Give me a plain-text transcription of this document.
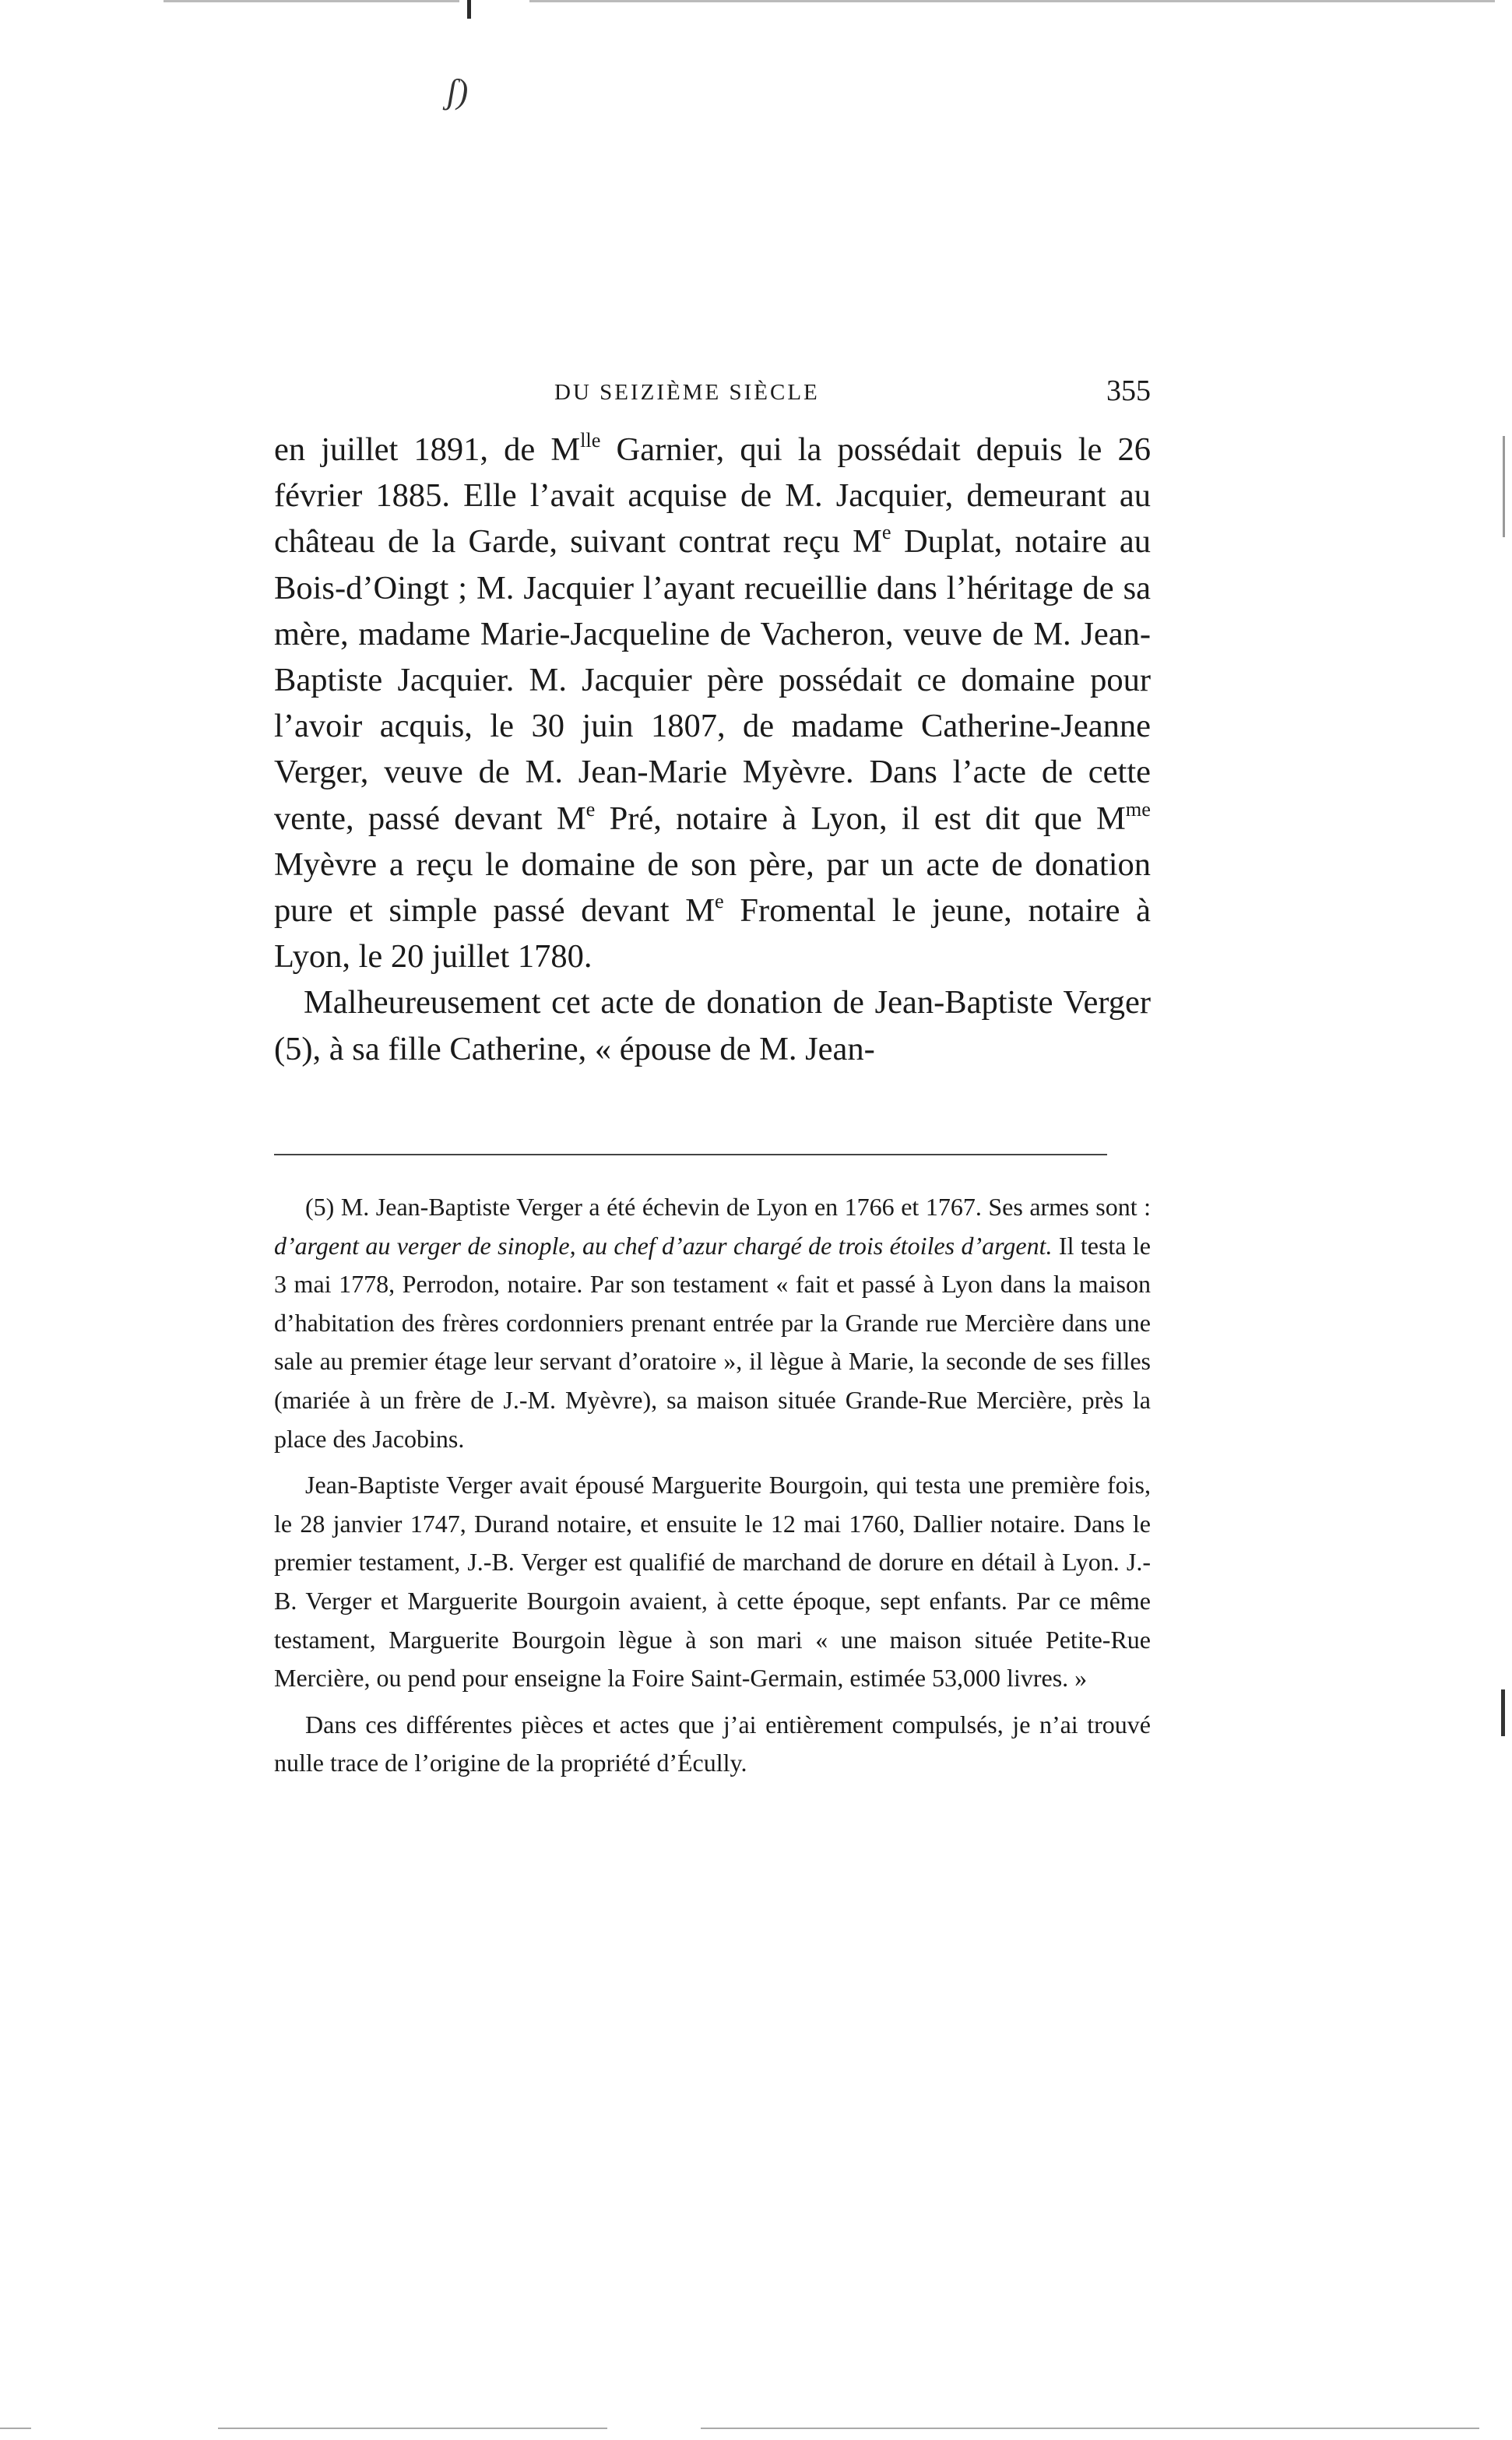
ʃ)
DU SEIZIÈME SIÈCLE	355

en juillet 1891, de $M^{lle}$ Garnier, qui la possédait depuis le 26 février 1885. Elle l’avait acquise de M. Jacquier, demeurant au château de la Garde, suivant contrat reçu Me Duplat, notaire au Bois-d’Oingt ; M. Jacquier l’ayant recueillie dans l’héritage de sa mère, madame Marie-Jacqueline de Vacheron, veuve de M. Jean-Baptiste Jacquier. M. Jacquier père possédait ce domaine pour l’avoir acquis, le 30 juin 1807, de madame Catherine-Jeanne Verger, veuve de M. Jean-Marie Myèvre. Dans l’acte de cette vente, passé devant Me Pré, notaire à Lyon, il est dit que $M^{me}$ Myèvre a reçu le domaine de son père, par un acte de donation pure et simple passé devant Me Fromental le jeune, notaire à Lyon, le 20 juillet 1780.

Malheureusement cet acte de donation de Jean-Baptiste Verger (5), à sa fille Catherine, « épouse de M. Jean-

(5) M. Jean-Baptiste Verger a été échevin de Lyon en 1766 et 1767. Ses armes sont : d’argent au verger de sinople, au chef d’azur chargé de trois étoiles d’argent. Il testa le 3 mai 1778, Perrodon, notaire. Par son testament « fait et passé à Lyon dans la maison d’habitation des frères cordonniers prenant entrée par la Grande rue Mercière dans une sale au premier étage leur servant d’oratoire », il lègue à Marie, la seconde de ses filles (mariée à un frère de J.-M. Myèvre), sa maison située Grande-Rue Mercière, près la place des Jacobins.

Jean-Baptiste Verger avait épousé Marguerite Bourgoin, qui testa une première fois, le 28 janvier 1747, Durand notaire, et ensuite le 12 mai 1760, Dallier notaire. Dans le premier testament, J.-B. Verger est qualifié de marchand de dorure en détail à Lyon. J.-B. Verger et Marguerite Bourgoin avaient, à cette époque, sept enfants. Par ce même testament, Marguerite Bourgoin lègue à son mari « une maison située Petite-Rue Mercière, ou pend pour enseigne la Foire Saint-Germain, estimée 53,000 livres. »

Dans ces différentes pièces et actes que j’ai entièrement compulsés, je n’ai trouvé nulle trace de l’origine de la propriété d’Écully.
